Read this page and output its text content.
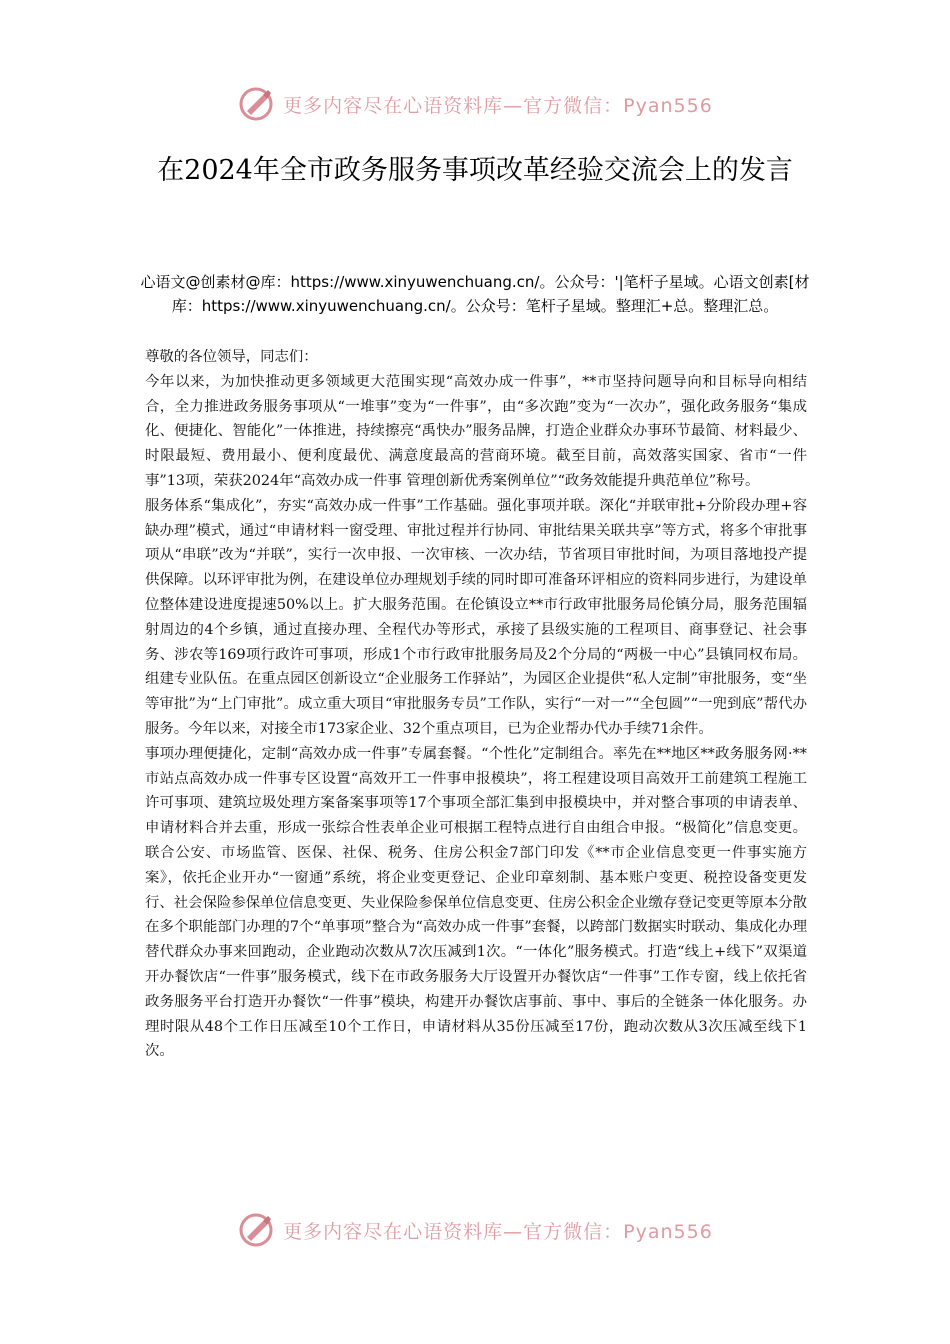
更多内容尽在心语资料库—官方微信：Pyan556
在2024年全市政务服务事项改革经验交流会上的发言
心语文@创素材@库：https://www.xinyuwenchuang.cn/。公众号：'|笔杆子星域。心语文创素[材库：https://www.xinyuwenchuang.cn/。公众号：笔杆子星域。整理汇+总。整理汇总。

尊敬的各位领导，同志们：

今年以来，为加快推动更多领域更大范围实现“高效办成一件事”，**市坚持问题导向和目标导向相结合，全力推进政务服务事项从“一堆事”变为“一件事”，由“多次跑”变为“一次办”，强化政务服务“集成化、便捷化、智能化”一体推进，持续擦亮“禹快办”服务品牌，打造企业群众办事环节最简、材料最少、时限最短、费用最小、便利度最优、满意度最高的营商环境。截至目前，高效落实国家、省市“一件事”13项，荣获2024年“高效办成一件事 管理创新优秀案例单位”“政务效能提升典范单位”称号。

服务体系“集成化”，夯实“高效办成一件事”工作基础。强化事项并联。深化“并联审批+分阶段办理+容缺办理”模式，通过“申请材料一窗受理、审批过程并行协同、审批结果关联共享”等方式，将多个审批事项从“串联”改为“并联”，实行一次申报、一次审核、一次办结，节省项目审批时间，为项目落地投产提供保障。以环评审批为例，在建设单位办理规划手续的同时即可准备环评相应的资料同步进行，为建设单位整体建设进度提速50%以上。扩大服务范围。在伦镇设立**市行政审批服务局伦镇分局，服务范围辐射周边的4个乡镇，通过直接办理、全程代办等形式，承接了县级实施的工程项目、商事登记、社会事务、涉农等169项行政许可事项，形成1个市行政审批服务局及2个分局的“两极一中心”县镇同权布局。组建专业队伍。在重点园区创新设立“企业服务工作驿站”，为园区企业提供“私人定制”审批服务，变“坐等审批”为“上门审批”。成立重大项目“审批服务专员”工作队，实行“一对一”“全包圆”“一兜到底”帮代办服务。今年以来，对接全市173家企业、32个重点项目，已为企业帮办代办手续71余件。

事项办理便捷化，定制“高效办成一件事”专属套餐。“个性化”定制组合。率先在**地区**政务服务网·**市站点高效办成一件事专区设置“高效开工一件事申报模块”，将工程建设项目高效开工前建筑工程施工许可事项、建筑垃圾处理方案备案事项等17个事项全部汇集到申报模块中，并对整合事项的申请表单、申请材料合并去重，形成一张综合性表单企业可根据工程特点进行自由组合申报。“极简化”信息变更。联合公安、市场监管、医保、社保、税务、住房公积金7部门印发《**市企业信息变更一件事实施方案》，依托企业开办“一窗通”系统，将企业变更登记、企业印章刻制、基本账户变更、税控设备变更发行、社会保险参保单位信息变更、失业保险参保单位信息变更、住房公积金企业缴存登记变更等原本分散在多个职能部门办理的7个“单事项”整合为“高效办成一件事”套餐，以跨部门数据实时联动、集成化办理替代群众办事来回跑动，企业跑动次数从7次压减到1次。“一体化”服务模式。打造“线上+线下”双渠道开办餐饮店“一件事”服务模式，线下在市政务服务大厅设置开办餐饮店“一件事”工作专窗，线上依托省政务服务平台打造开办餐饮“一件事”模块，构建开办餐饮店事前、事中、事后的全链条一体化服务。办理时限从48个工作日压减至10个工作日，申请材料从35份压减至17份，跑动次数从3次压减至线下1次。

更多内容尽在心语资料库—官方微信：Pyan556
